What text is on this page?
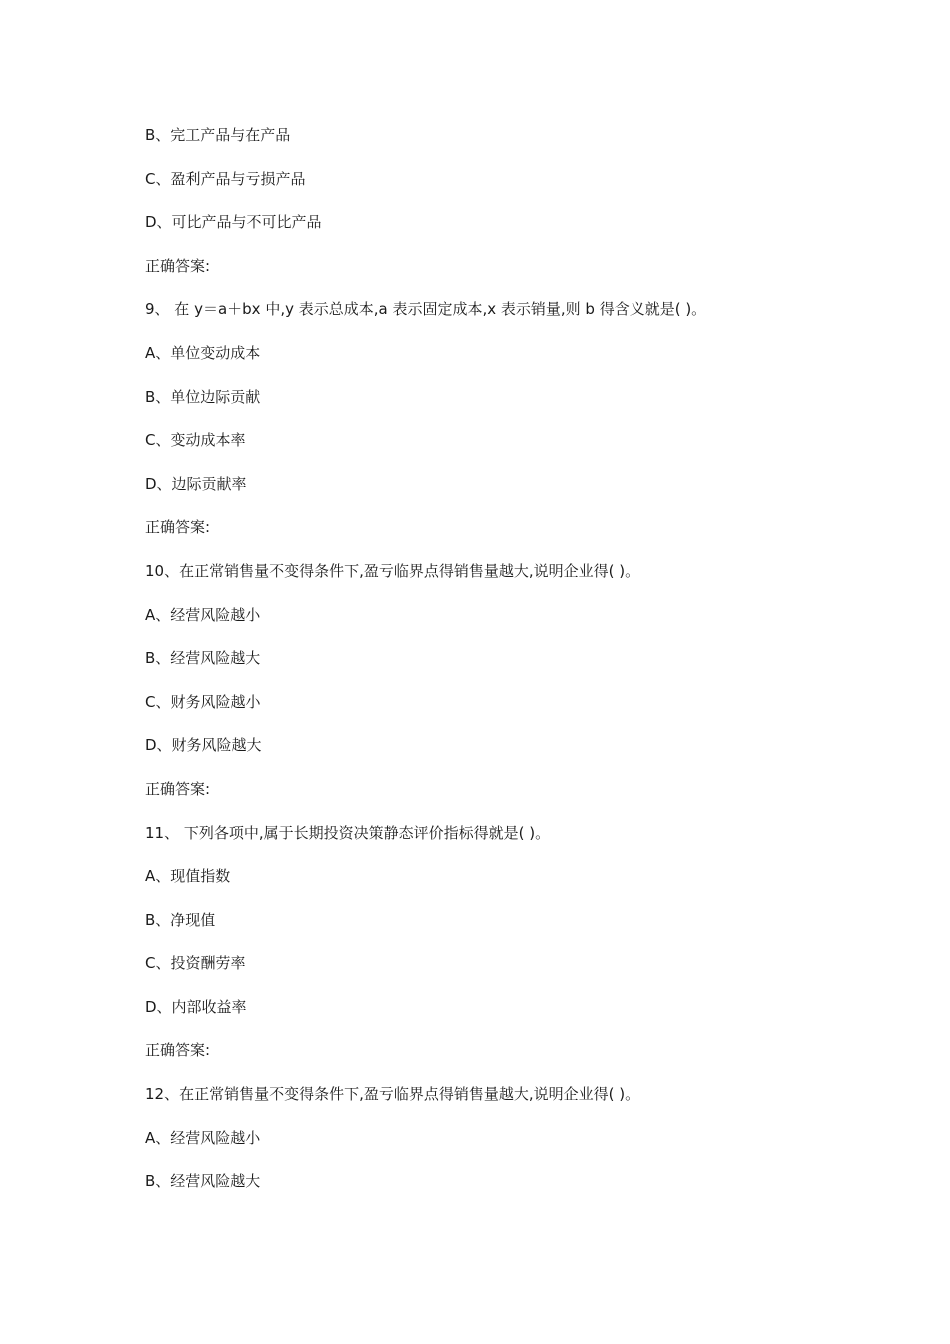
B、完工产品与在产品
C、盈利产品与亏损产品
D、可比产品与不可比产品
正确答案:
9、 在 y＝a＋bx 中,y 表示总成本,a 表示固定成本,x 表示销量,则 b 得含义就是( )。
A、单位变动成本
B、单位边际贡献
C、变动成本率
D、边际贡献率
正确答案:
10、在正常销售量不变得条件下,盈亏临界点得销售量越大,说明企业得( )。
A、经营风险越小
B、经营风险越大
C、财务风险越小
D、财务风险越大
正确答案:
11、 下列各项中,属于长期投资决策静态评价指标得就是( )。
A、现值指数
B、净现值
C、投资酬劳率
D、内部收益率
正确答案:
12、在正常销售量不变得条件下,盈亏临界点得销售量越大,说明企业得( )。
A、经营风险越小
B、经营风险越大
